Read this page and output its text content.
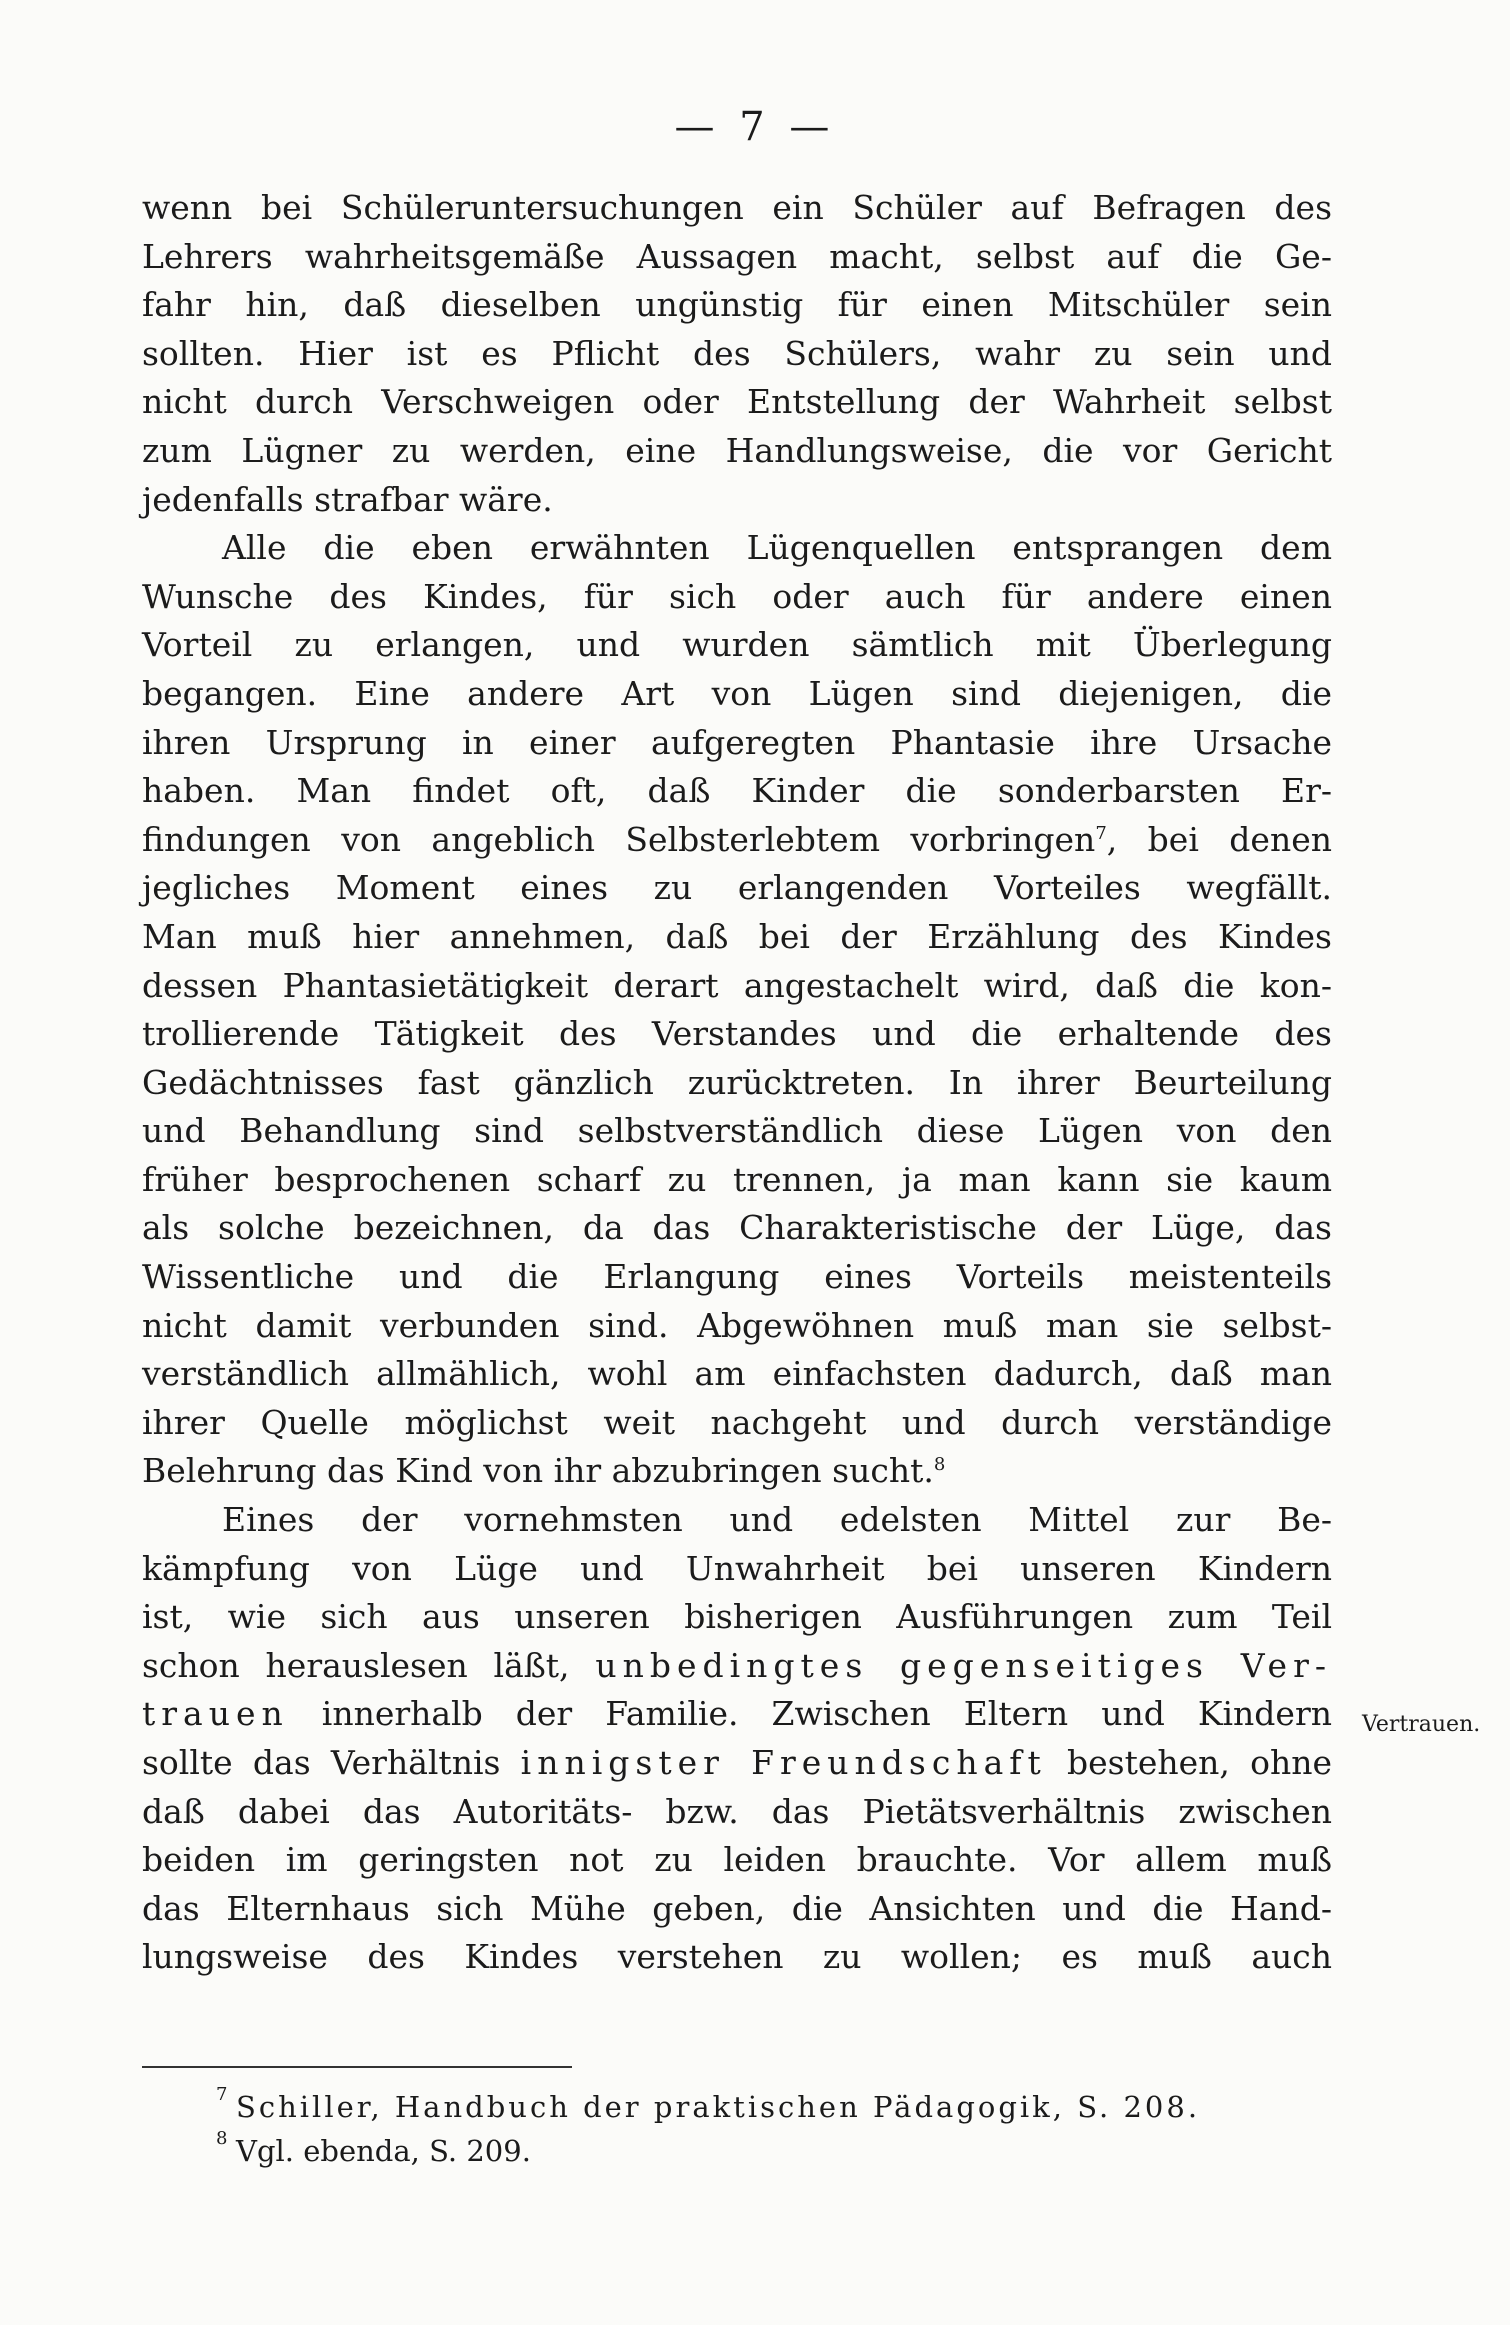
— 7 —
wenn bei Schüleruntersuchungen ein Schüler auf Befragen des
Lehrers wahrheitsgemäße Aussagen macht, selbst auf die Ge-
fahr hin, daß dieselben ungünstig für einen Mitschüler sein
sollten. Hier ist es Pflicht des Schülers, wahr zu sein und
nicht durch Verschweigen oder Entstellung der Wahrheit selbst
zum Lügner zu werden, eine Handlungsweise, die vor Gericht
jedenfalls strafbar wäre.
Alle die eben erwähnten Lügenquellen entsprangen dem
Wunsche des Kindes, für sich oder auch für andere einen
Vorteil zu erlangen, und wurden sämtlich mit Überlegung
begangen. Eine andere Art von Lügen sind diejenigen, die
ihren Ursprung in einer aufgeregten Phantasie ihre Ursache
haben. Man findet oft, daß Kinder die sonderbarsten Er-
findungen von angeblich Selbsterlebtem vorbringen$^7$, bei denen
jegliches Moment eines zu erlangenden Vorteiles wegfällt.
Man muß hier annehmen, daß bei der Erzählung des Kindes
dessen Phantasietätigkeit derart angestachelt wird, daß die kon-
trollierende Tätigkeit des Verstandes und die erhaltende des
Gedächtnisses fast gänzlich zurücktreten. In ihrer Beurteilung
und Behandlung sind selbstverständlich diese Lügen von den
früher besprochenen scharf zu trennen, ja man kann sie kaum
als solche bezeichnen, da das Charakteristische der Lüge, das
Wissentliche und die Erlangung eines Vorteils meistenteils
nicht damit verbunden sind. Abgewöhnen muß man sie selbst-
verständlich allmählich, wohl am einfachsten dadurch, daß man
ihrer Quelle möglichst weit nachgeht und durch verständige
Belehrung das Kind von ihr abzubringen sucht.$^8$
Eines der vornehmsten und edelsten Mittel zur Be-
kämpfung von Lüge und Unwahrheit bei unseren Kindern
ist, wie sich aus unseren bisherigen Ausführungen zum Teil
schon herauslesen läßt, unbedingtes gegenseitiges Ver-
trauen innerhalb der Familie. Zwischen Eltern und Kindern
sollte das Verhältnis innigster Freundschaft bestehen, ohne
daß dabei das Autoritäts- bzw. das Pietätsverhältnis zwischen
beiden im geringsten not zu leiden brauchte. Vor allem muß
das Elternhaus sich Mühe geben, die Ansichten und die Hand-
lungsweise des Kindes verstehen zu wollen; es muß auch
Vertrauen.
7 Schiller, Handbuch der praktischen Pädagogik, S. 208.
8 Vgl. ebenda, S. 209.
